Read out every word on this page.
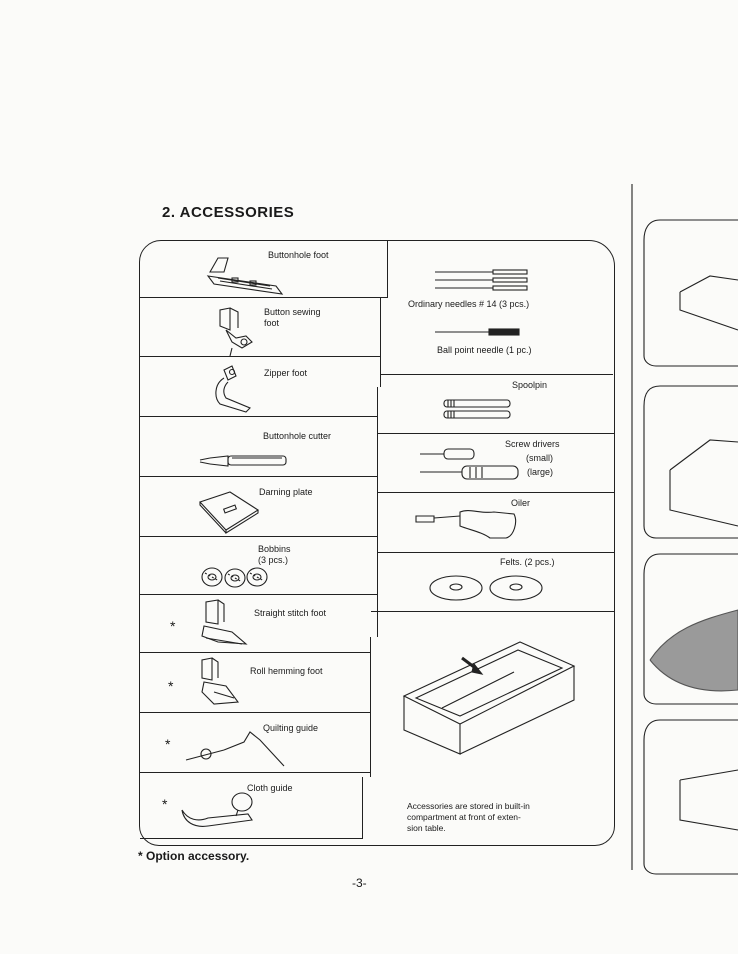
2. ACCESSORIES
Buttonhole foot
Button sewing
foot
Zipper foot
Buttonhole cutter
Darning plate
Bobbins
(3 pcs.)
Straight stitch foot
Roll hemming foot
Quilting guide
Cloth guide
*
*
*
*
Ordinary needles # 14 (3 pcs.)
Ball point needle (1 pc.)
Spoolpin
Screw drivers
(small)
(large)
Oiler
Felts. (2 pcs.)
Accessories are stored in built-in
compartment at front of exten-
sion table.
* Option accessory.
-3-
